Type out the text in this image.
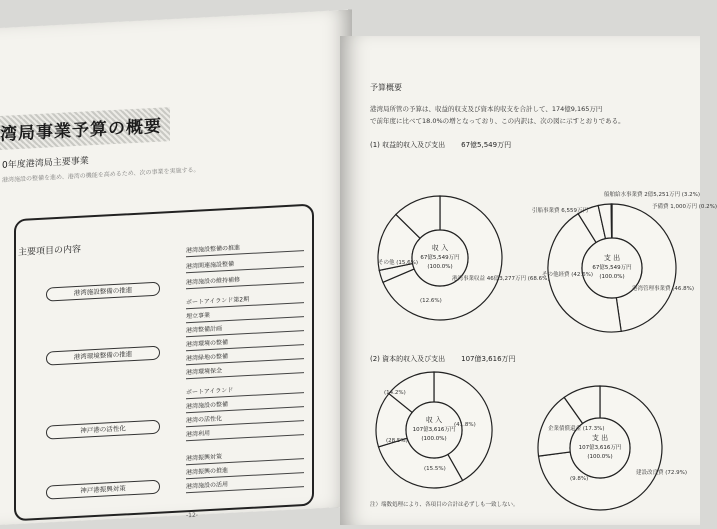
湾局事業予算の概要
0年度港湾局主要事業
港湾施設の整備を進め、港湾の機能を高めるため、次の事業を実施する。
主要項目の内容
港湾施設整備の推進
港湾環境整備の推進
神戸港の活性化
神戸港振興対策
港湾施設整備の推進
港湾関連施設整備
港湾施設の維持補修
ポートアイランド第2期
埋立事業
港湾整備計画
港湾環境の整備
港湾緑地の整備
港湾環境保全
ポートアイランド
港湾施設の整備
港湾の活性化
港湾利用
港湾振興対策
港湾振興の推進
港湾施設の活用
-12-
予算概要
港湾局所管の予算は、収益的収支及び資本的収支を合計して、174億9,165万円
で前年度に比べて18.0%の増となっており、この内訳は、次の図に示すとおりである。
(1) 収益的収入及び支出 67億5,549万円
(2) 資本的収入及び支出 107億3,616万円
注）端数処理により、各項目の合計は必ずしも一致しない。
収 入
67億5,549万円
(100.0%)
支 出
67億5,549万円
(100.0%)
収 入
107億3,616万円
(100.0%)	支 出
107億3,616万円
(100.0%)
港湾事業収益 46億3,277万円 (68.6%)
その他 (15.6%)
(12.6%)
港湾管理事業費 (46.8%)
その他経費 (42.6%)
引船事業費 6,559万円
船舶給水事業費 2億5,251万円 (3.2%)
予備費 1,000万円 (0.2%)
(41.8%)
(28.5%)
(15.5%)
(14.2%)
建設改良費 (72.9%)
企業債償還金 (17.3%)
(9.8%)
